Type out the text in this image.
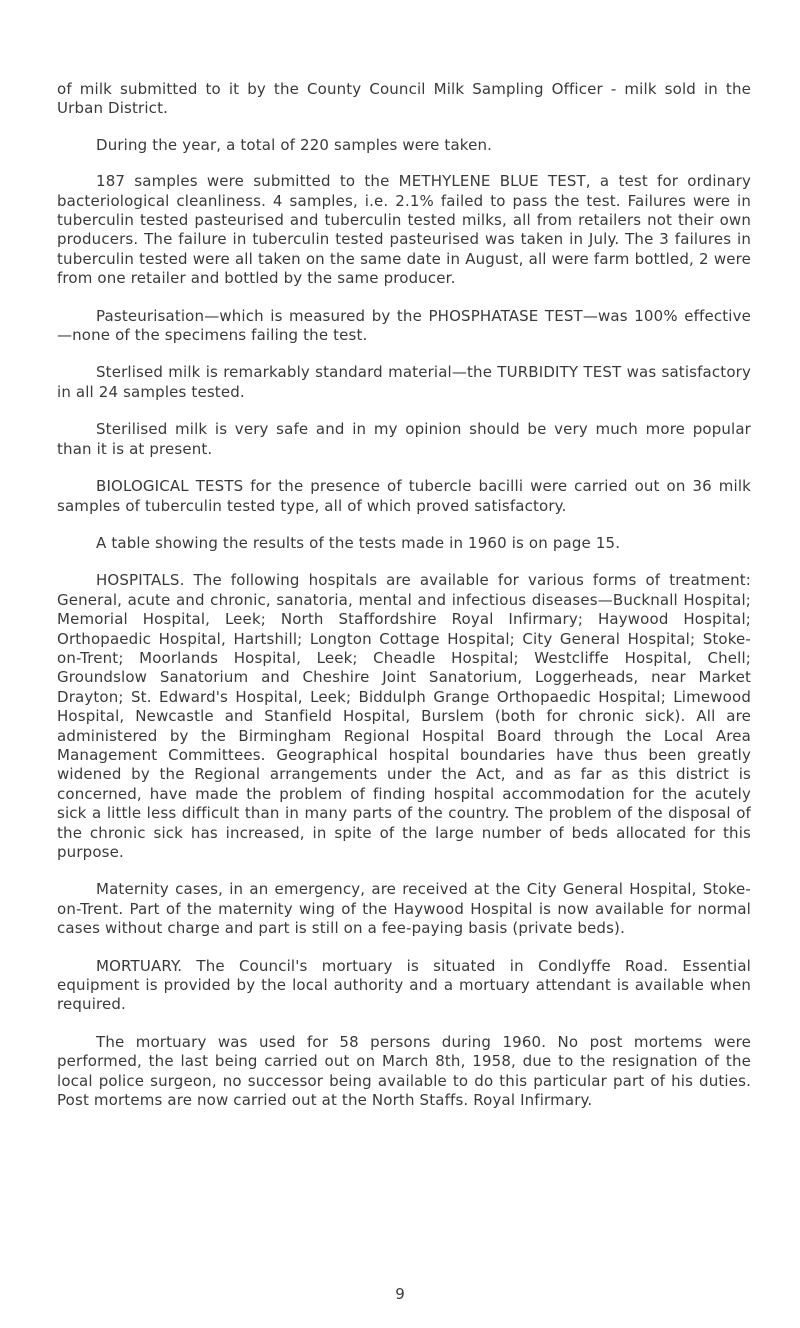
of milk submitted to it by the County Council Milk Sampling Officer - milk sold in the Urban District.

During the year, a total of 220 samples were taken.

187 samples were submitted to the METHYLENE BLUE TEST, a test for ordinary bacteriological cleanliness. 4 samples, i.e. 2.1% failed to pass the test. Failures were in tuberculin tested pasteurised and tuberculin tested milks, all from retailers not their own producers. The failure in tuberculin tested pasteurised was taken in July. The 3 failures in tuberculin tested were all taken on the same date in August, all were farm bottled, 2 were from one retailer and bottled by the same producer.

Pasteurisation—which is measured by the PHOSPHATASE TEST—was 100% effective—none of the specimens failing the test.

Sterlised milk is remarkably standard material—the TURBIDITY TEST was satisfactory in all 24 samples tested.

Sterilised milk is very safe and in my opinion should be very much more popular than it is at present.

BIOLOGICAL TESTS for the presence of tubercle bacilli were carried out on 36 milk samples of tuberculin tested type, all of which proved satisfactory.

A table showing the results of the tests made in 1960 is on page 15.

HOSPITALS. The following hospitals are available for various forms of treatment: General, acute and chronic, sanatoria, mental and infectious diseases—Bucknall Hospital; Memorial Hospital, Leek; North Staffordshire Royal Infirmary; Haywood Hospital; Orthopaedic Hospital, Hartshill; Longton Cottage Hospital; City General Hospital; Stoke-on-Trent; Moorlands Hospital, Leek; Cheadle Hospital; Westcliffe Hospital, Chell; Groundslow Sanatorium and Cheshire Joint Sanatorium, Loggerheads, near Market Drayton; St. Edward's Hospital, Leek; Biddulph Grange Orthopaedic Hospital; Limewood Hospital, Newcastle and Stanfield Hospital, Burslem (both for chronic sick). All are administered by the Birmingham Regional Hospital Board through the Local Area Management Committees. Geographical hospital boundaries have thus been greatly widened by the Regional arrangements under the Act, and as far as this district is concerned, have made the problem of finding hospital accommodation for the acutely sick a little less difficult than in many parts of the country. The problem of the disposal of the chronic sick has increased, in spite of the large number of beds allocated for this purpose.

Maternity cases, in an emergency, are received at the City General Hospital, Stoke-on-Trent. Part of the maternity wing of the Haywood Hospital is now available for normal cases without charge and part is still on a fee-paying basis (private beds).

MORTUARY. The Council's mortuary is situated in Condlyffe Road. Essential equipment is provided by the local authority and a mortuary attendant is available when required.

The mortuary was used for 58 persons during 1960. No post mortems were performed, the last being carried out on March 8th, 1958, due to the resignation of the local police surgeon, no successor being available to do this particular part of his duties. Post mortems are now carried out at the North Staffs. Royal Infirmary.

9
